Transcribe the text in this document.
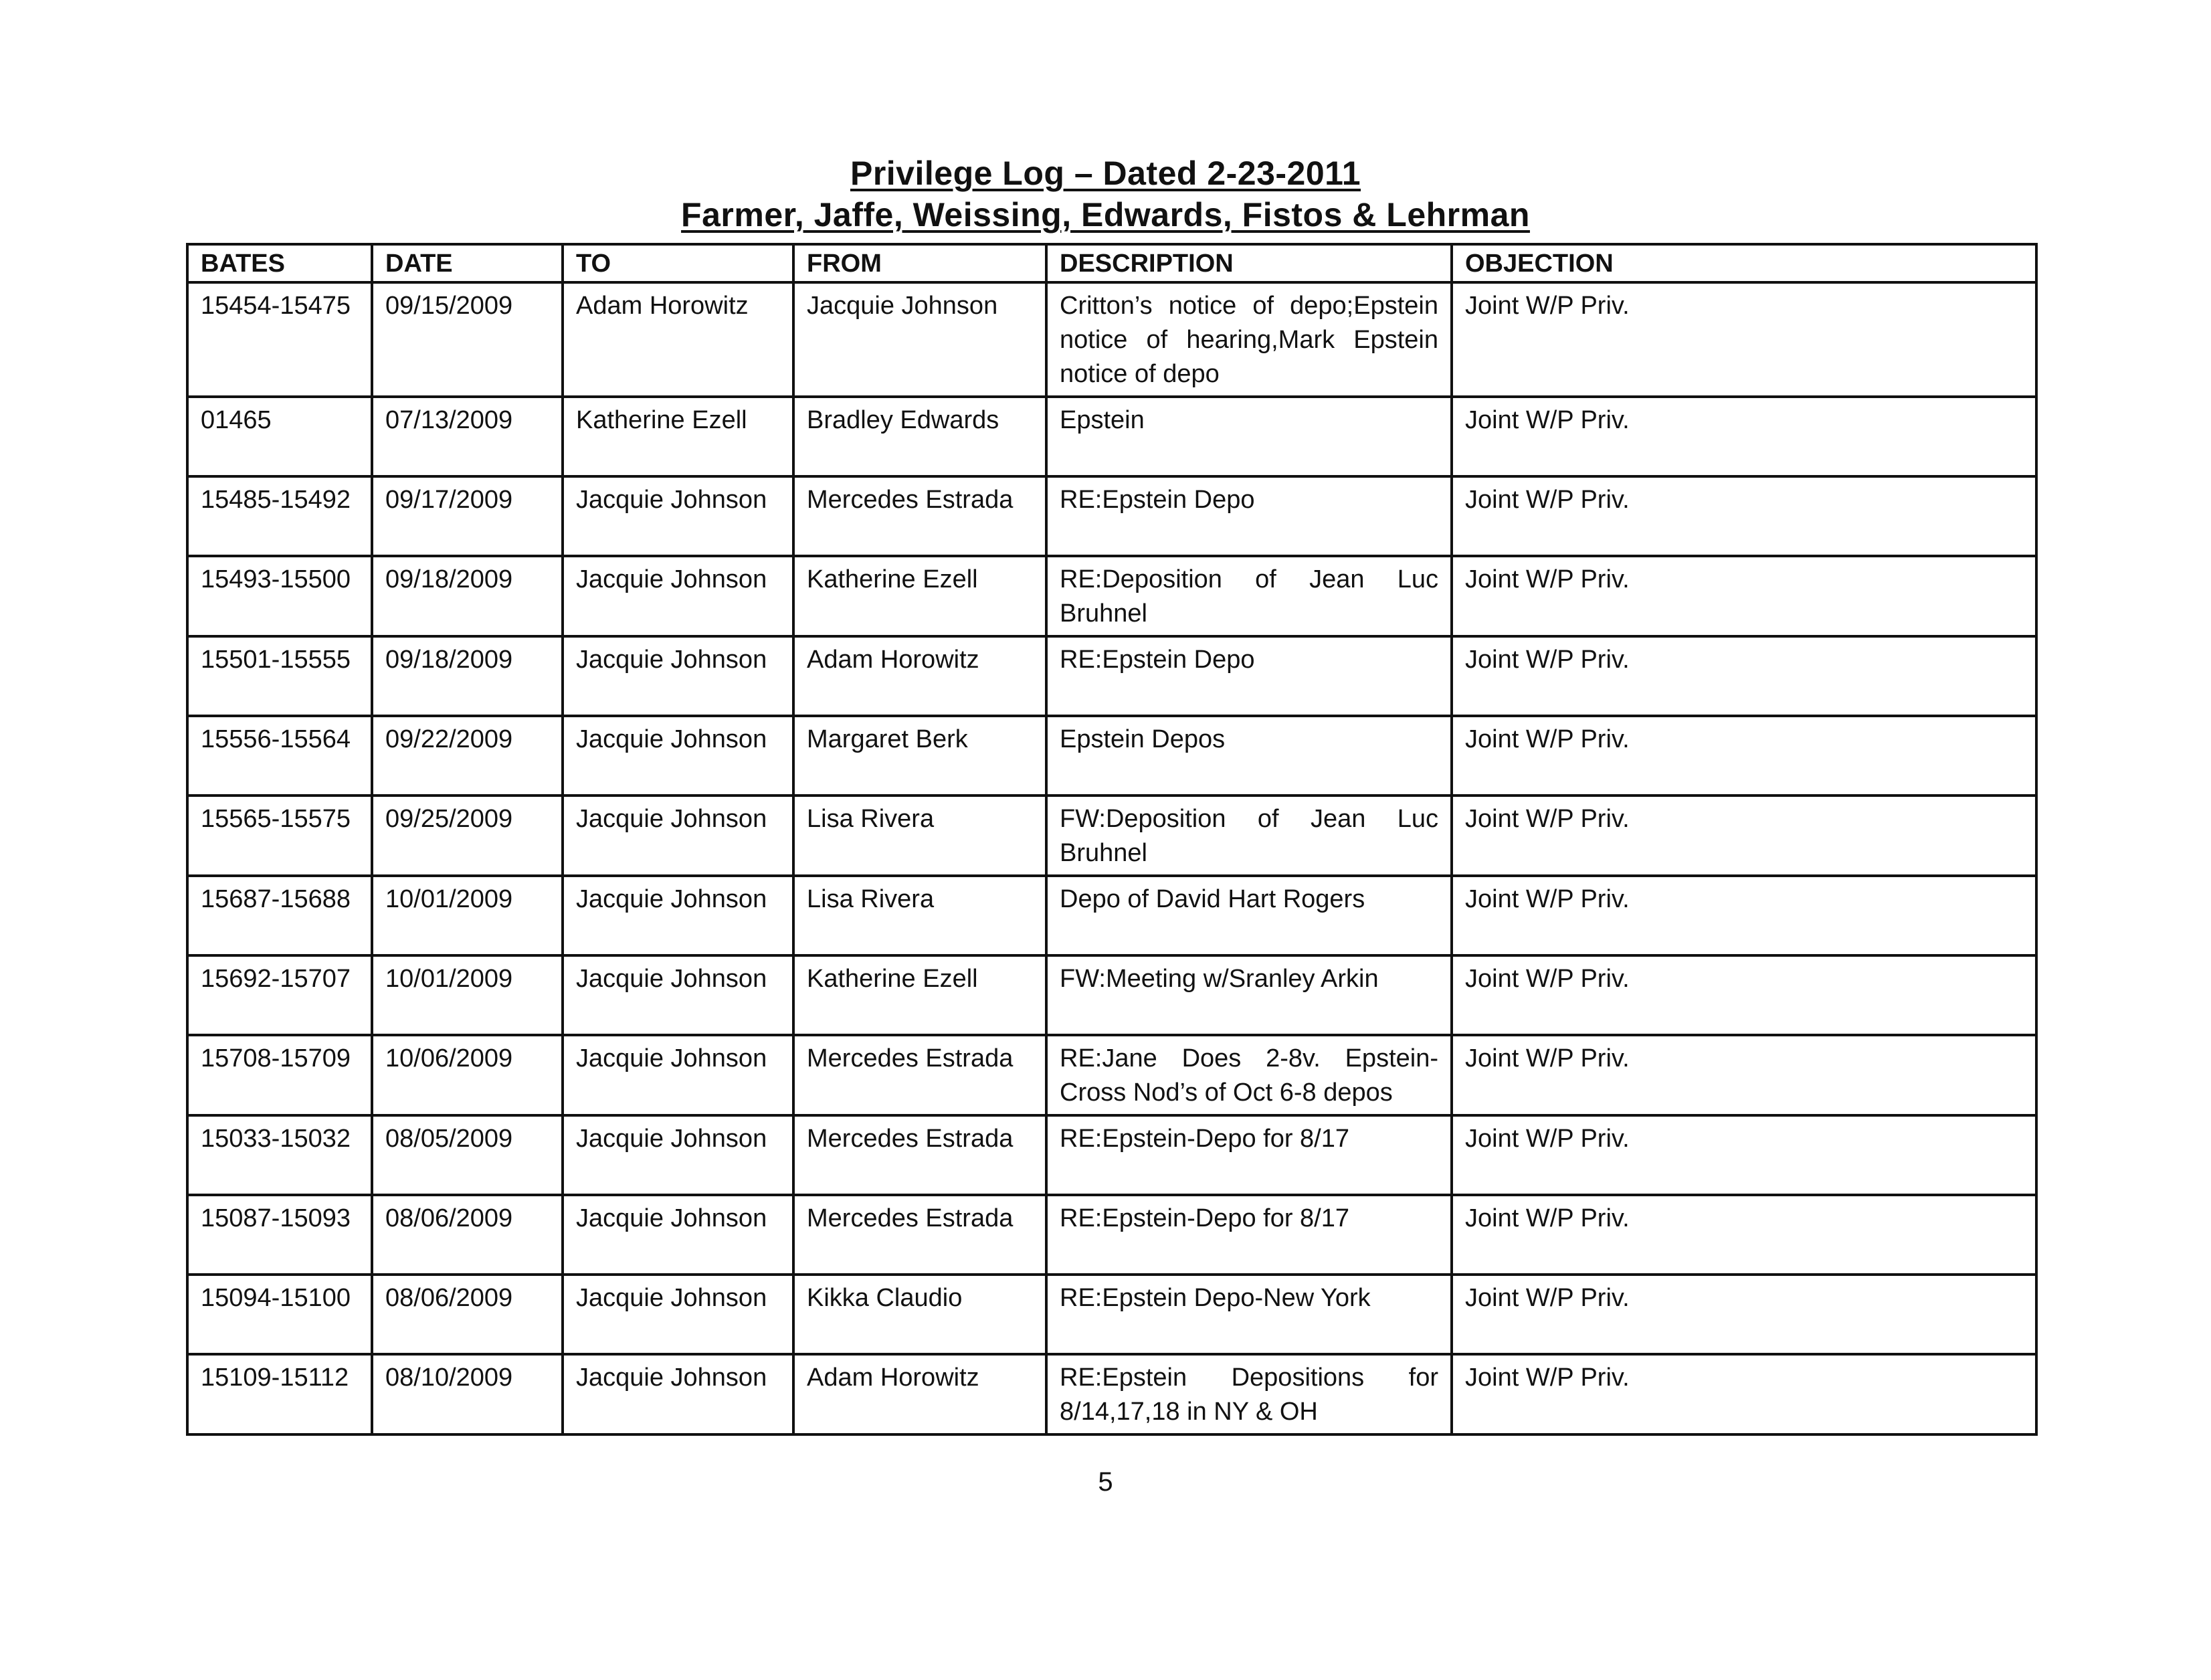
Privilege Log – Dated 2-23-2011
Farmer, Jaffe, Weissing, Edwards, Fistos & Lehrman
BATES	DATE	TO	FROM	DESCRIPTION	OBJECTION
15454-15475	09/15/2009	Adam Horowitz	Jacquie Johnson	Critton’s notice of depo;Epstein notice of hearing,Mark Epstein notice of depo	Joint W/P Priv.
01465	07/13/2009	Katherine Ezell	Bradley Edwards	Epstein	Joint W/P Priv.
15485-15492	09/17/2009	Jacquie Johnson	Mercedes Estrada	RE:Epstein Depo	Joint W/P Priv.
15493-15500	09/18/2009	Jacquie Johnson	Katherine Ezell	RE:Deposition of Jean Luc Bruhnel	Joint W/P Priv.
15501-15555	09/18/2009	Jacquie Johnson	Adam Horowitz	RE:Epstein Depo	Joint W/P Priv.
15556-15564	09/22/2009	Jacquie Johnson	Margaret Berk	Epstein Depos	Joint W/P Priv.
15565-15575	09/25/2009	Jacquie Johnson	Lisa Rivera	FW:Deposition of Jean Luc Bruhnel	Joint W/P Priv.
15687-15688	10/01/2009	Jacquie Johnson	Lisa Rivera	Depo of David Hart Rogers	Joint W/P Priv.
15692-15707	10/01/2009	Jacquie Johnson	Katherine Ezell	FW:Meeting w/Sranley Arkin	Joint W/P Priv.
15708-15709	10/06/2009	Jacquie Johnson	Mercedes Estrada	RE:Jane Does 2-8v. Epstein-Cross Nod’s of Oct 6-8 depos	Joint W/P Priv.
15033-15032	08/05/2009	Jacquie Johnson	Mercedes Estrada	RE:Epstein-Depo for 8/17	Joint W/P Priv.
15087-15093	08/06/2009	Jacquie Johnson	Mercedes Estrada	RE:Epstein-Depo for 8/17	Joint W/P Priv.
15094-15100	08/06/2009	Jacquie Johnson	Kikka Claudio	RE:Epstein Depo-New York	Joint W/P Priv.
15109-15112	08/10/2009	Jacquie Johnson	Adam Horowitz	RE:Epstein Depositions for 8/14,17,18 in NY & OH	Joint W/P Priv.
5
